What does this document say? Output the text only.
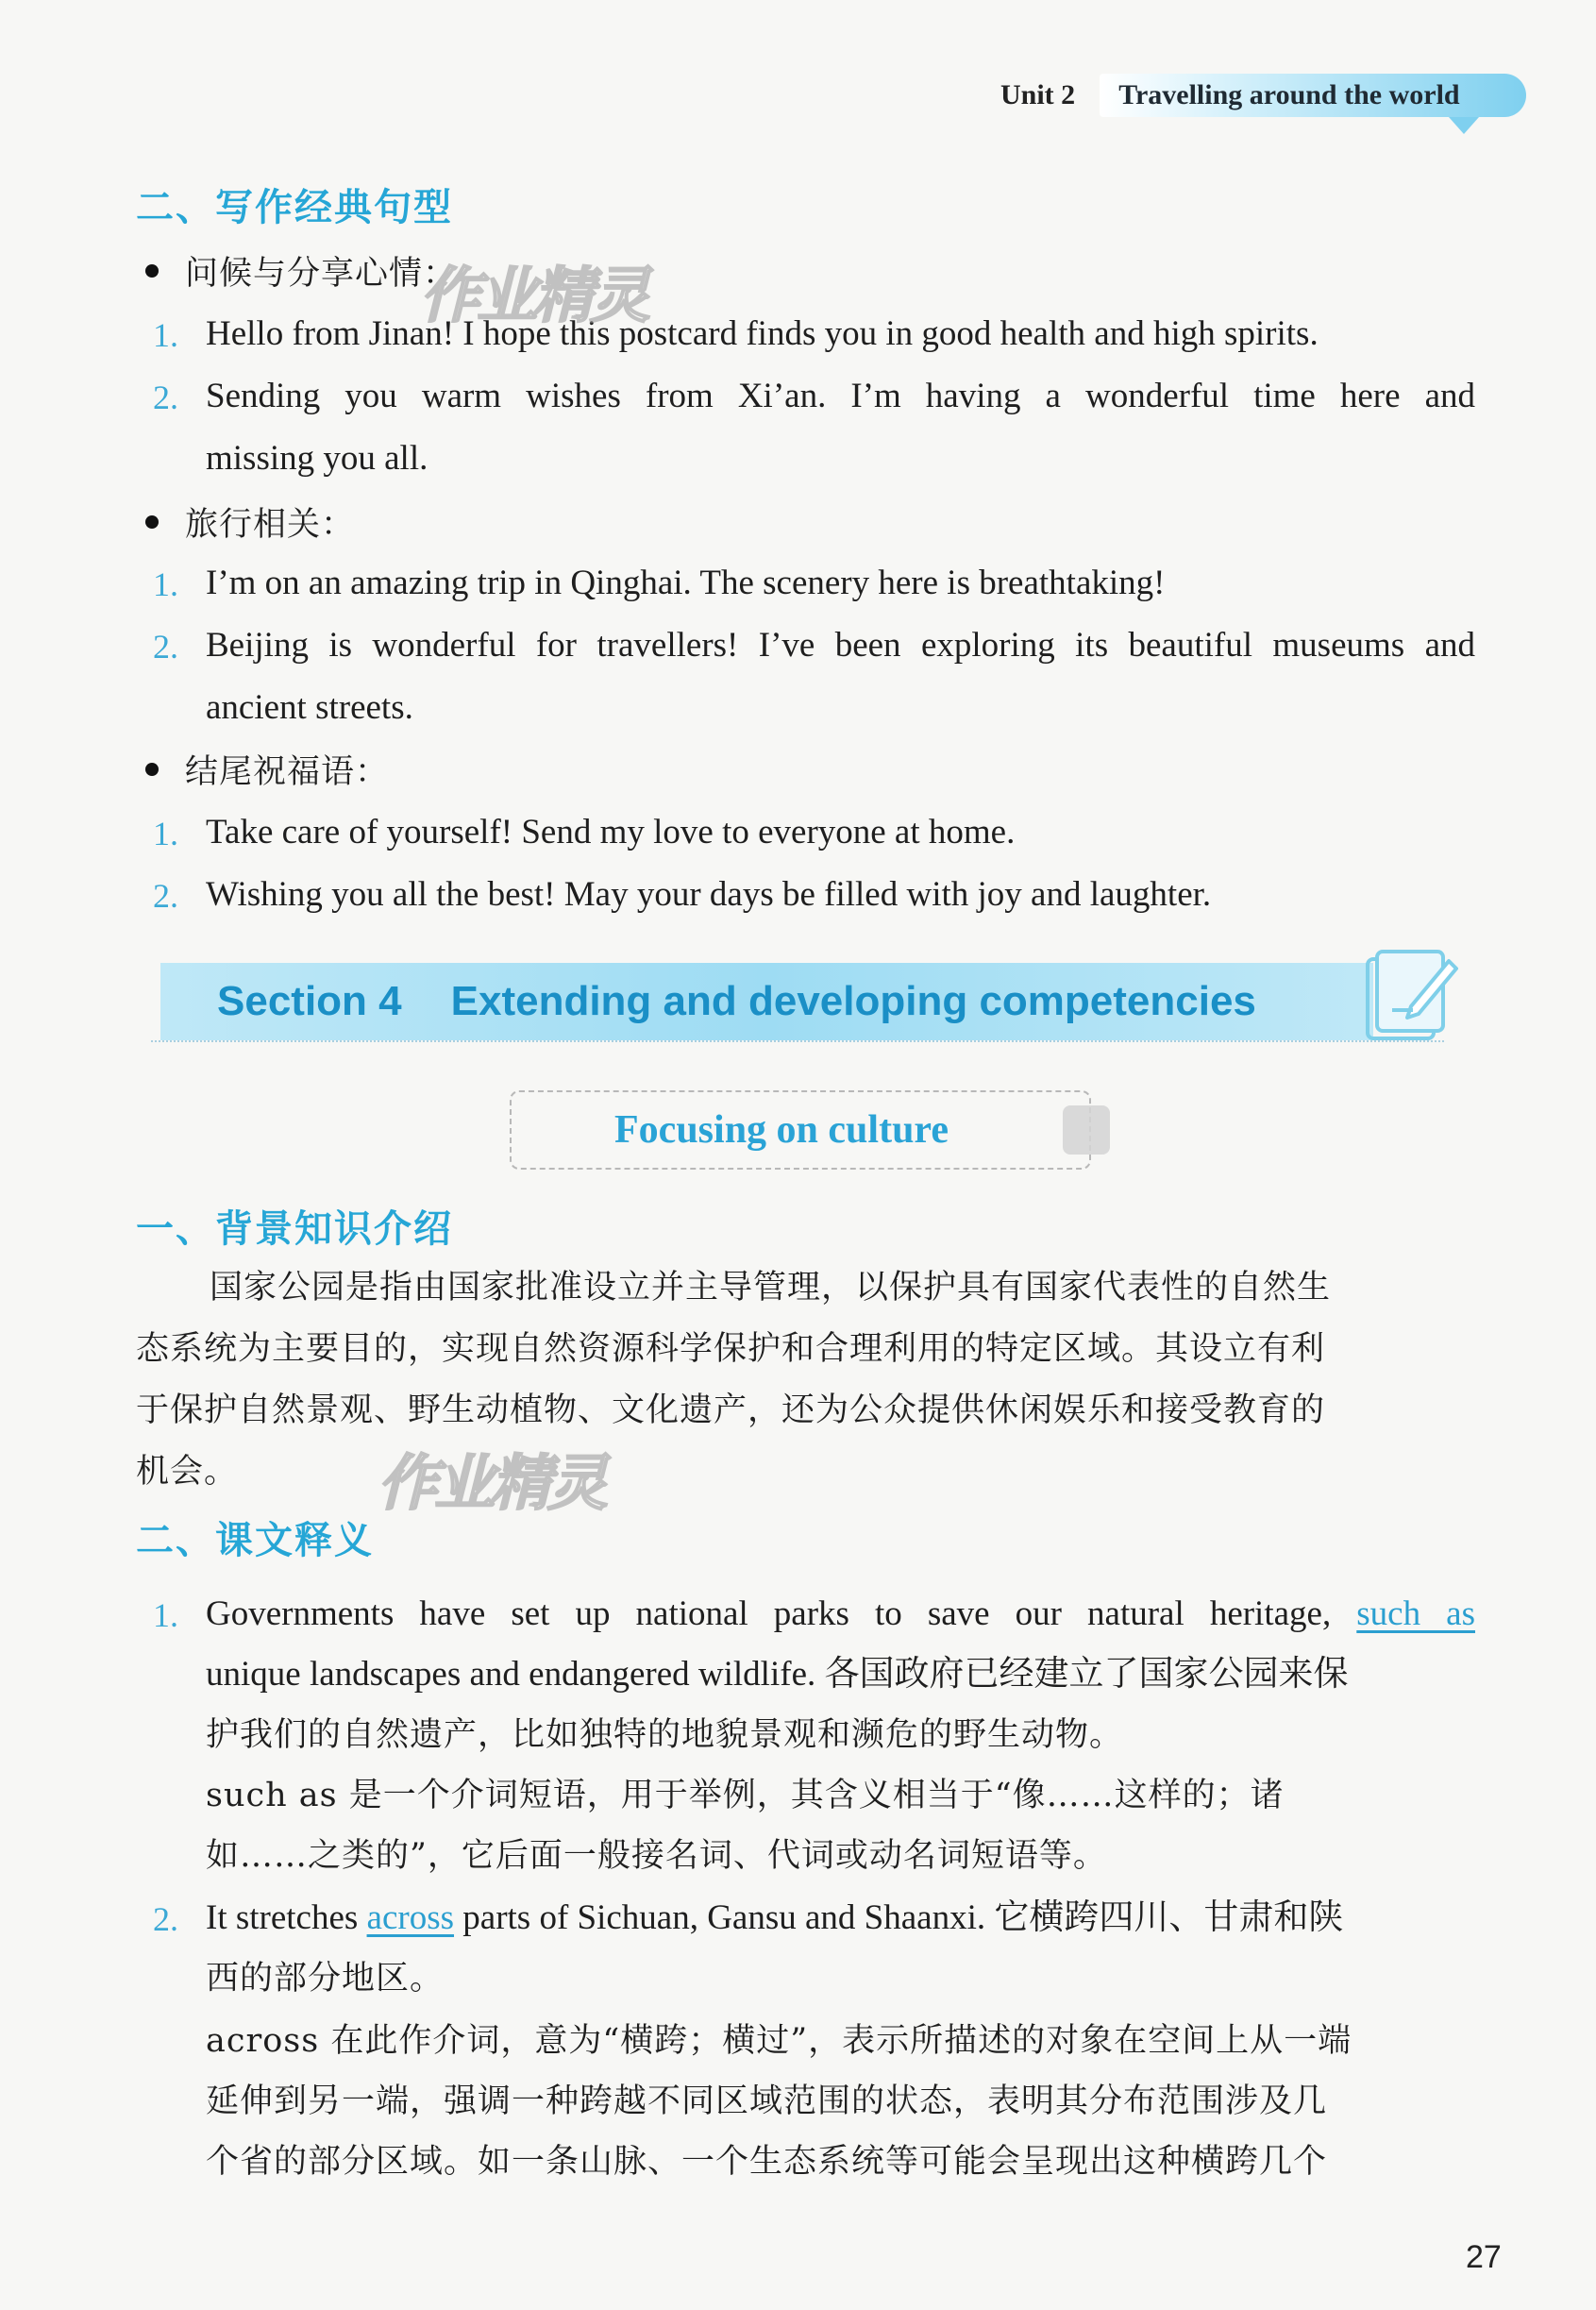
Unit 2 Travelling around the world
二、写作经典句型
问候与分享心情：
1. Hello from Jinan! I hope this postcard finds you in good health and high spirits.
2. Sending you warm wishes from Xi’an. I’m having a wonderful time here and
missing you all.
旅行相关：
1. I’m on an amazing trip in Qinghai. The scenery here is breathtaking!
2. Beijing is wonderful for travellers! I’ve been exploring its beautiful museums and
ancient streets.
结尾祝福语：
1. Take care of yourself! Send my love to everyone at home.
2. Wishing you all the best! May your days be filled with joy and laughter.
Section 4 Extending and developing competencies
Focusing on culture
一、背景知识介绍
国家公园是指由国家批准设立并主导管理，以保护具有国家代表性的自然生
态系统为主要目的，实现自然资源科学保护和合理利用的特定区域。其设立有利
于保护自然景观、野生动植物、文化遗产，还为公众提供休闲娱乐和接受教育的
机会。
二、课文释义
1. Governments have set up national parks to save our natural heritage, such as
unique landscapes and endangered wildlife. 各国政府已经建立了国家公园来保
护我们的自然遗产，比如独特的地貌景观和濒危的野生动物。
such as 是一个介词短语，用于举例，其含义相当于“像……这样的；诸
如……之类的”，它后面一般接名词、代词或动名词短语等。
2. It stretches across parts of Sichuan, Gansu and Shaanxi. 它横跨四川、甘肃和陕
西的部分地区。
across 在此作介词，意为“横跨；横过”，表示所描述的对象在空间上从一端
延伸到另一端，强调一种跨越不同区域范围的状态，表明其分布范围涉及几
个省的部分区域。如一条山脉、一个生态系统等可能会呈现出这种横跨几个
作业精灵
作业精灵
27
